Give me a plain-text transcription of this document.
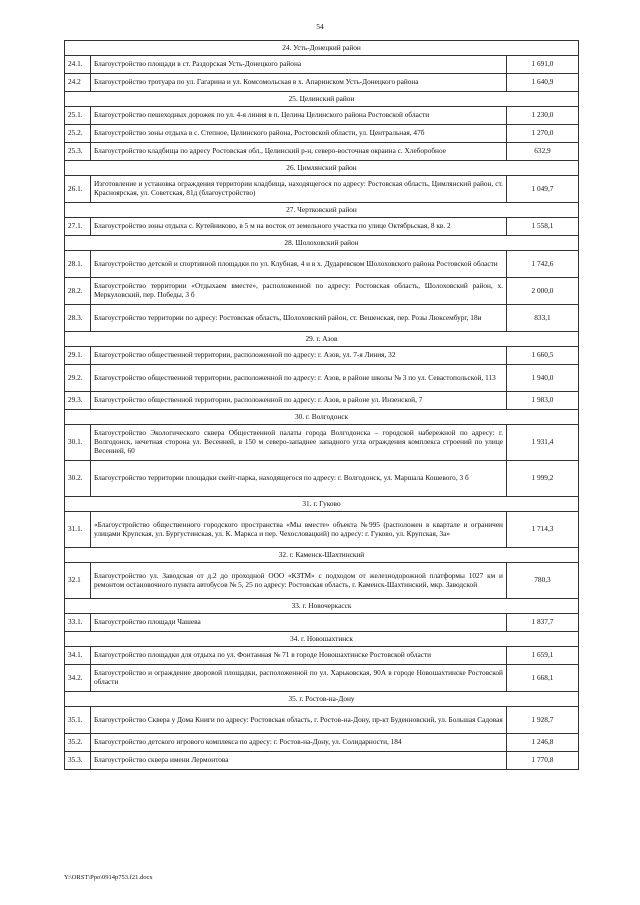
54
24. Усть-Донецкий район		
24.1.	Благоустройство площади в ст. Раздорская Усть-Донецкого района	1 691,0
24.2	Благоустройство тротуара по ул. Гагарина и ул. Комсомольская в х. Апаринском Усть-Донецкого района	1 640,9
25. Целинский район		
25.1.	Благоустройство пешеходных дорожек по ул. 4-я линия в п. Целина Целинского района Ростовской области	1 230,0
25.2.	Благоустройство зоны отдыха в с. Степное, Целинского района, Ростовской области, ул. Центральная, 47б	1 270,0
25.3.	Благоустройство кладбища по адресу Ростовская обл., Целинский р-н, северо-восточная окраина с. Хлеборобное	632,9
26. Цимлянский район		
26.1.	Изготовление и установка ограждения территории кладбища, находящегося по адресу: Ростовская область, Цимлянский район, ст. Красноярская, ул. Советская, 81д (благоустройство)	1 049,7
27. Чертковский район		
27.1.	Благоустройство зоны отдыха с. Кутейниково, в 5 м на восток от земельного участка по улице Октябрьская, 8 кв. 2	1 558,1
28. Шолоховский район		
28.1.	Благоустройство детской и спортивной площадки по ул. Клубная, 4 и в х. Дударевском Шолоховского района Ростовской области	1 742,6
28.2.	Благоустройство территории «Отдыхаем вместе», расположенной по адресу: Ростовская область, Шолоховский район, х. Меркуловский, пер. Победы, 3 б	2 000,0
28.3.	Благоустройство территории по адресу: Ростовская область, Шолоховский район, ст. Вешенская, пер. Розы Люксембург, 18и	833,1
29. г. Азов		
29.1.	Благоустройство общественной территории, расположенной по адресу: г. Азов, ул. 7-я Линия, 32	1 660,5
29.2.	Благоустройство общественной территории, расположенной по адресу: г. Азов, в районе школы № 3 по ул. Севастопольской, 113	1 940,0
29.3.	Благоустройство общественной территории, расположенной по адресу: г. Азов, в районе ул. Инзенской, 7	1 983,0
30. г. Волгодонск		
30.1.	Благоустройство Экологического сквера Общественной палаты города Волгодонска – городской набережной по адресу: г. Волгодонск, нечетная сторона ул. Весенней, в 150 м северо-западнее западного угла ограждения комплекса строений по улице Весенней, 60	1 931,4
30.2.	Благоустройство территории площадки скейт-парка, находящегося по адресу: г. Волгодонск, ул. Маршала Кошевого, 3 б	1 999,2
31. г. Гуково		
31.1.	«Благоустройство общественного городского пространства «Мы вместе» объекта №995 (расположен в квартале и ограничен улицами Крупская, ул. Бургустинская, ул. К. Маркса и пер. Чехословацкий) по адресу: г. Гуково, ул. Крупская, 3а»	1 714,3
32. г. Каменск-Шахтинский		
32.1	Благоустройство ул. Заводская от д.2 до проходной ООО «КЗТМ» с подходом от железнодорожной платформы 1027 км и ремонтом остановочного пункта автобусов № 5, 25 по адресу: Ростовская область, г. Каменск-Шахтинский, мкр. Заводской	780,3
33. г. Новочеркасск		
33.1.	Благоустройство площади Чашева	1 837,7
34. г. Новошахтинск		
34.1.	Благоустройство площадки для отдыха по ул. Фонтанная № 71 в городе Новошахтинске Ростовской области	1 659,1
34.2.	Благоустройство и ограждение дворовой площадки, расположенной по ул. Харьковская, 90А в городе Новошахтинске Ростовской области	1 668,1
35. г. Ростов-на-Дону		
35.1.	Благоустройство Сквера у Дома Книги по адресу: Ростовская область, г. Ростов-на-Дону, пр-кт Буденновский, ул. Большая Садовая	1 928,7
35.2.	Благоустройство детского игрового комплекса по адресу: г. Ростов-на-Дону, ул. Солидарности, 184	1 246,8
35.3.	Благоустройство сквера имени Лермонтова	1 770,8
Y:\ORST\Ppo\0914p753.f21.docx
